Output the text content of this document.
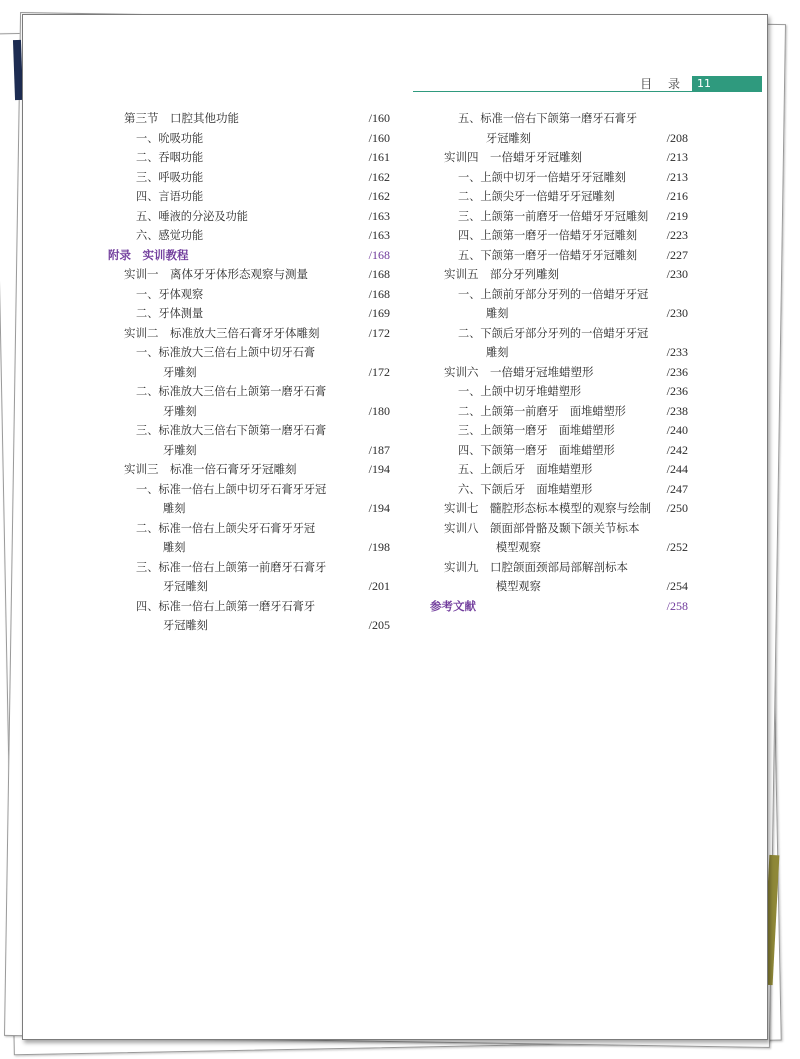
目 录	11
第三节　口腔其他功能	/160
一、吮吸功能	/160
二、吞咽功能	/161
三、呼吸功能	/162
四、言语功能	/162
五、唾液的分泌及功能	/163
六、感觉功能	/163
附录　实训教程	/168
实训一　离体牙牙体形态观察与测量	/168
一、牙体观察	/168
二、牙体测量	/169
实训二　标准放大三倍石膏牙牙体雕刻	/172
一、标准放大三倍右上颌中切牙石膏
牙雕刻	/172
二、标准放大三倍右上颌第一磨牙石膏
牙雕刻	/180
三、标准放大三倍右下颌第一磨牙石膏
牙雕刻	/187
实训三　标准一倍石膏牙牙冠雕刻	/194
一、标准一倍右上颌中切牙石膏牙牙冠
雕刻	/194
二、标准一倍右上颌尖牙石膏牙牙冠
雕刻	/198
三、标准一倍右上颌第一前磨牙石膏牙
牙冠雕刻	/201
四、标准一倍右上颌第一磨牙石膏牙
牙冠雕刻	/205
五、标准一倍右下颌第一磨牙石膏牙
牙冠雕刻	/208
实训四　一倍蜡牙牙冠雕刻	/213
一、上颌中切牙一倍蜡牙牙冠雕刻	/213
二、上颌尖牙一倍蜡牙牙冠雕刻	/216
三、上颌第一前磨牙一倍蜡牙牙冠雕刻 /219
四、上颌第一磨牙一倍蜡牙牙冠雕刻 /223
五、下颌第一磨牙一倍蜡牙牙冠雕刻 /227
实训五　部分牙列雕刻	/230
一、上颌前牙部分牙列的一倍蜡牙牙冠
雕刻	/230
二、下颌后牙部分牙列的一倍蜡牙牙冠
雕刻	/233
实训六　一倍蜡牙冠堆蜡塑形	/236
一、上颌中切牙堆蜡塑形	/236
二、上颌第一前磨牙　面堆蜡塑形	/238
三、上颌第一磨牙　面堆蜡塑形	/240
四、下颌第一磨牙　面堆蜡塑形	/242
五、上颌后牙　面堆蜡塑形	/244
六、下颌后牙　面堆蜡塑形	/247
实训七　髓腔形态标本模型的观察与绘制 /250
实训八　颌面部骨骼及颞下颌关节标本
模型观察	/252
实训九　口腔颌面颈部局部解剖标本
模型观察	/254
参考文献	/258
